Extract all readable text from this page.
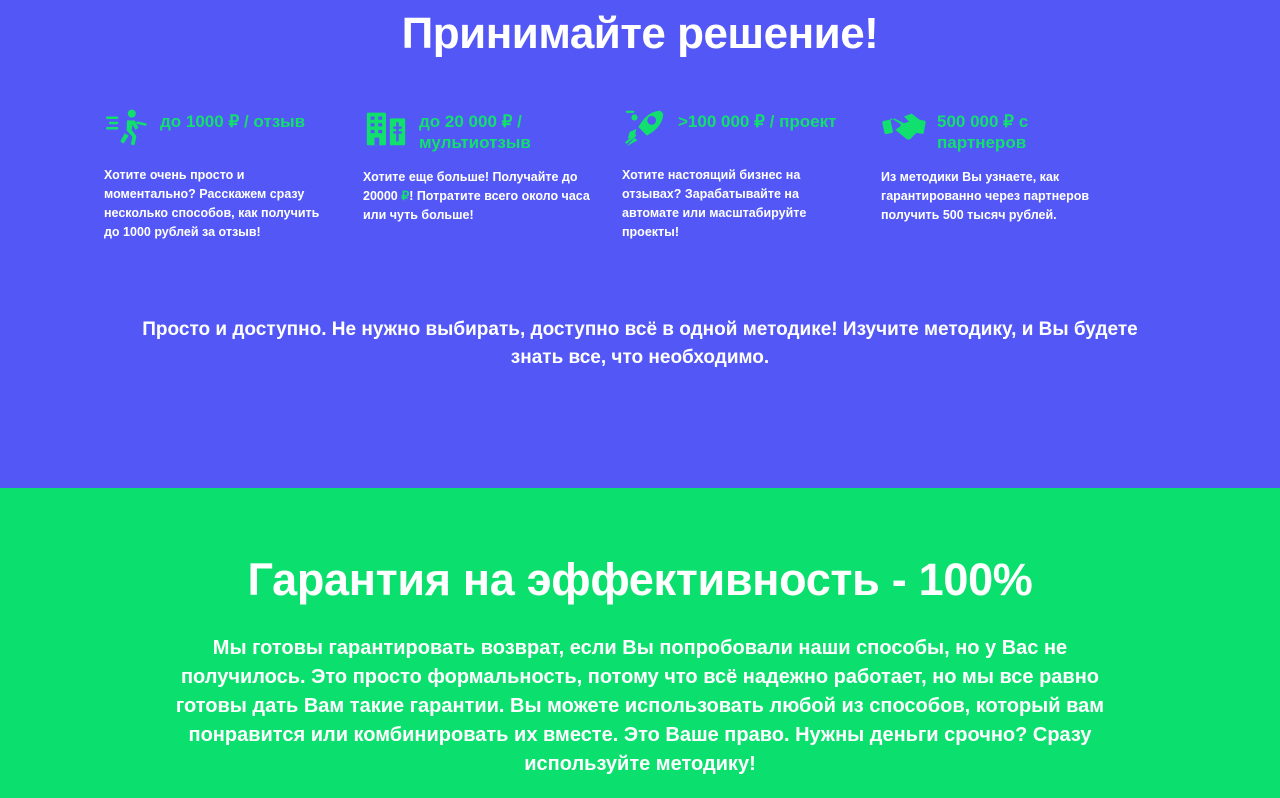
Принимайте решение!
до 1000 ₽ / отзыв
Хотите очень просто и моментально? Расскажем сразу несколько способов, как получить до 1000 рублей за отзыв!
до 20 000 ₽ / мультиотзыв
Хотите еще больше! Получайте до 20000 ₽! Потратите всего около часа или чуть больше!
>100 000 ₽ / проект
Хотите настоящий бизнес на отзывах? Зарабатывайте на автомате или масштабируйте проекты!
500 000 ₽ с партнеров
Из методики Вы узнаете, как гарантированно через партнеров получить 500 тысяч рублей.

Просто и доступно. Не нужно выбирать, доступно всё в одной методике! Изучите методику, и Вы будете знать все, что необходимо.

Гарантия на эффективность - 100%

Мы готовы гарантировать возврат, если Вы попробовали наши способы, но у Вас не получилось. Это просто формальность, потому что всё надежно работает, но мы все равно готовы дать Вам такие гарантии. Вы можете использовать любой из способов, который вам понравится или комбинировать их вместе. Это Ваше право. Нужны деньги срочно? Сразу используйте методику!
